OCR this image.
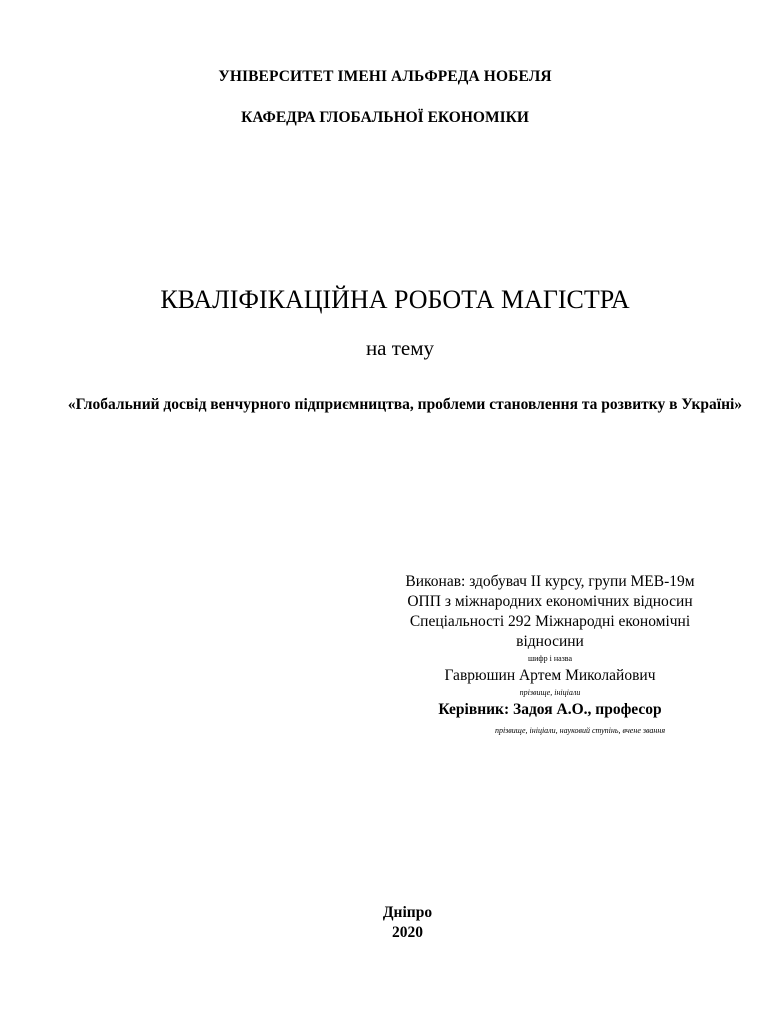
УНІВЕРСИТЕТ ІМЕНІ АЛЬФРЕДА НОБЕЛЯ

КАФЕДРА ГЛОБАЛЬНОЇ ЕКОНОМІКИ

КВАЛІФІКАЦІЙНА РОБОТА МАГІСТРА

на тему

«Глобальний досвід венчурного підприємництва, проблеми становлення та розвитку в Україні»

Виконав: здобувач ІІ курсу, групи МЕВ-19м
ОПП з міжнародних економічних відносин
Спеціальності 292 Міжнародні економічні
відносини
шифр і назва
Гаврюшин Артем Миколайович
прізвище, ініціали
Керівник: Задоя А.О., професор

прізвище, ініціали, науковий ступінь, вчене звання

Дніпро

2020
